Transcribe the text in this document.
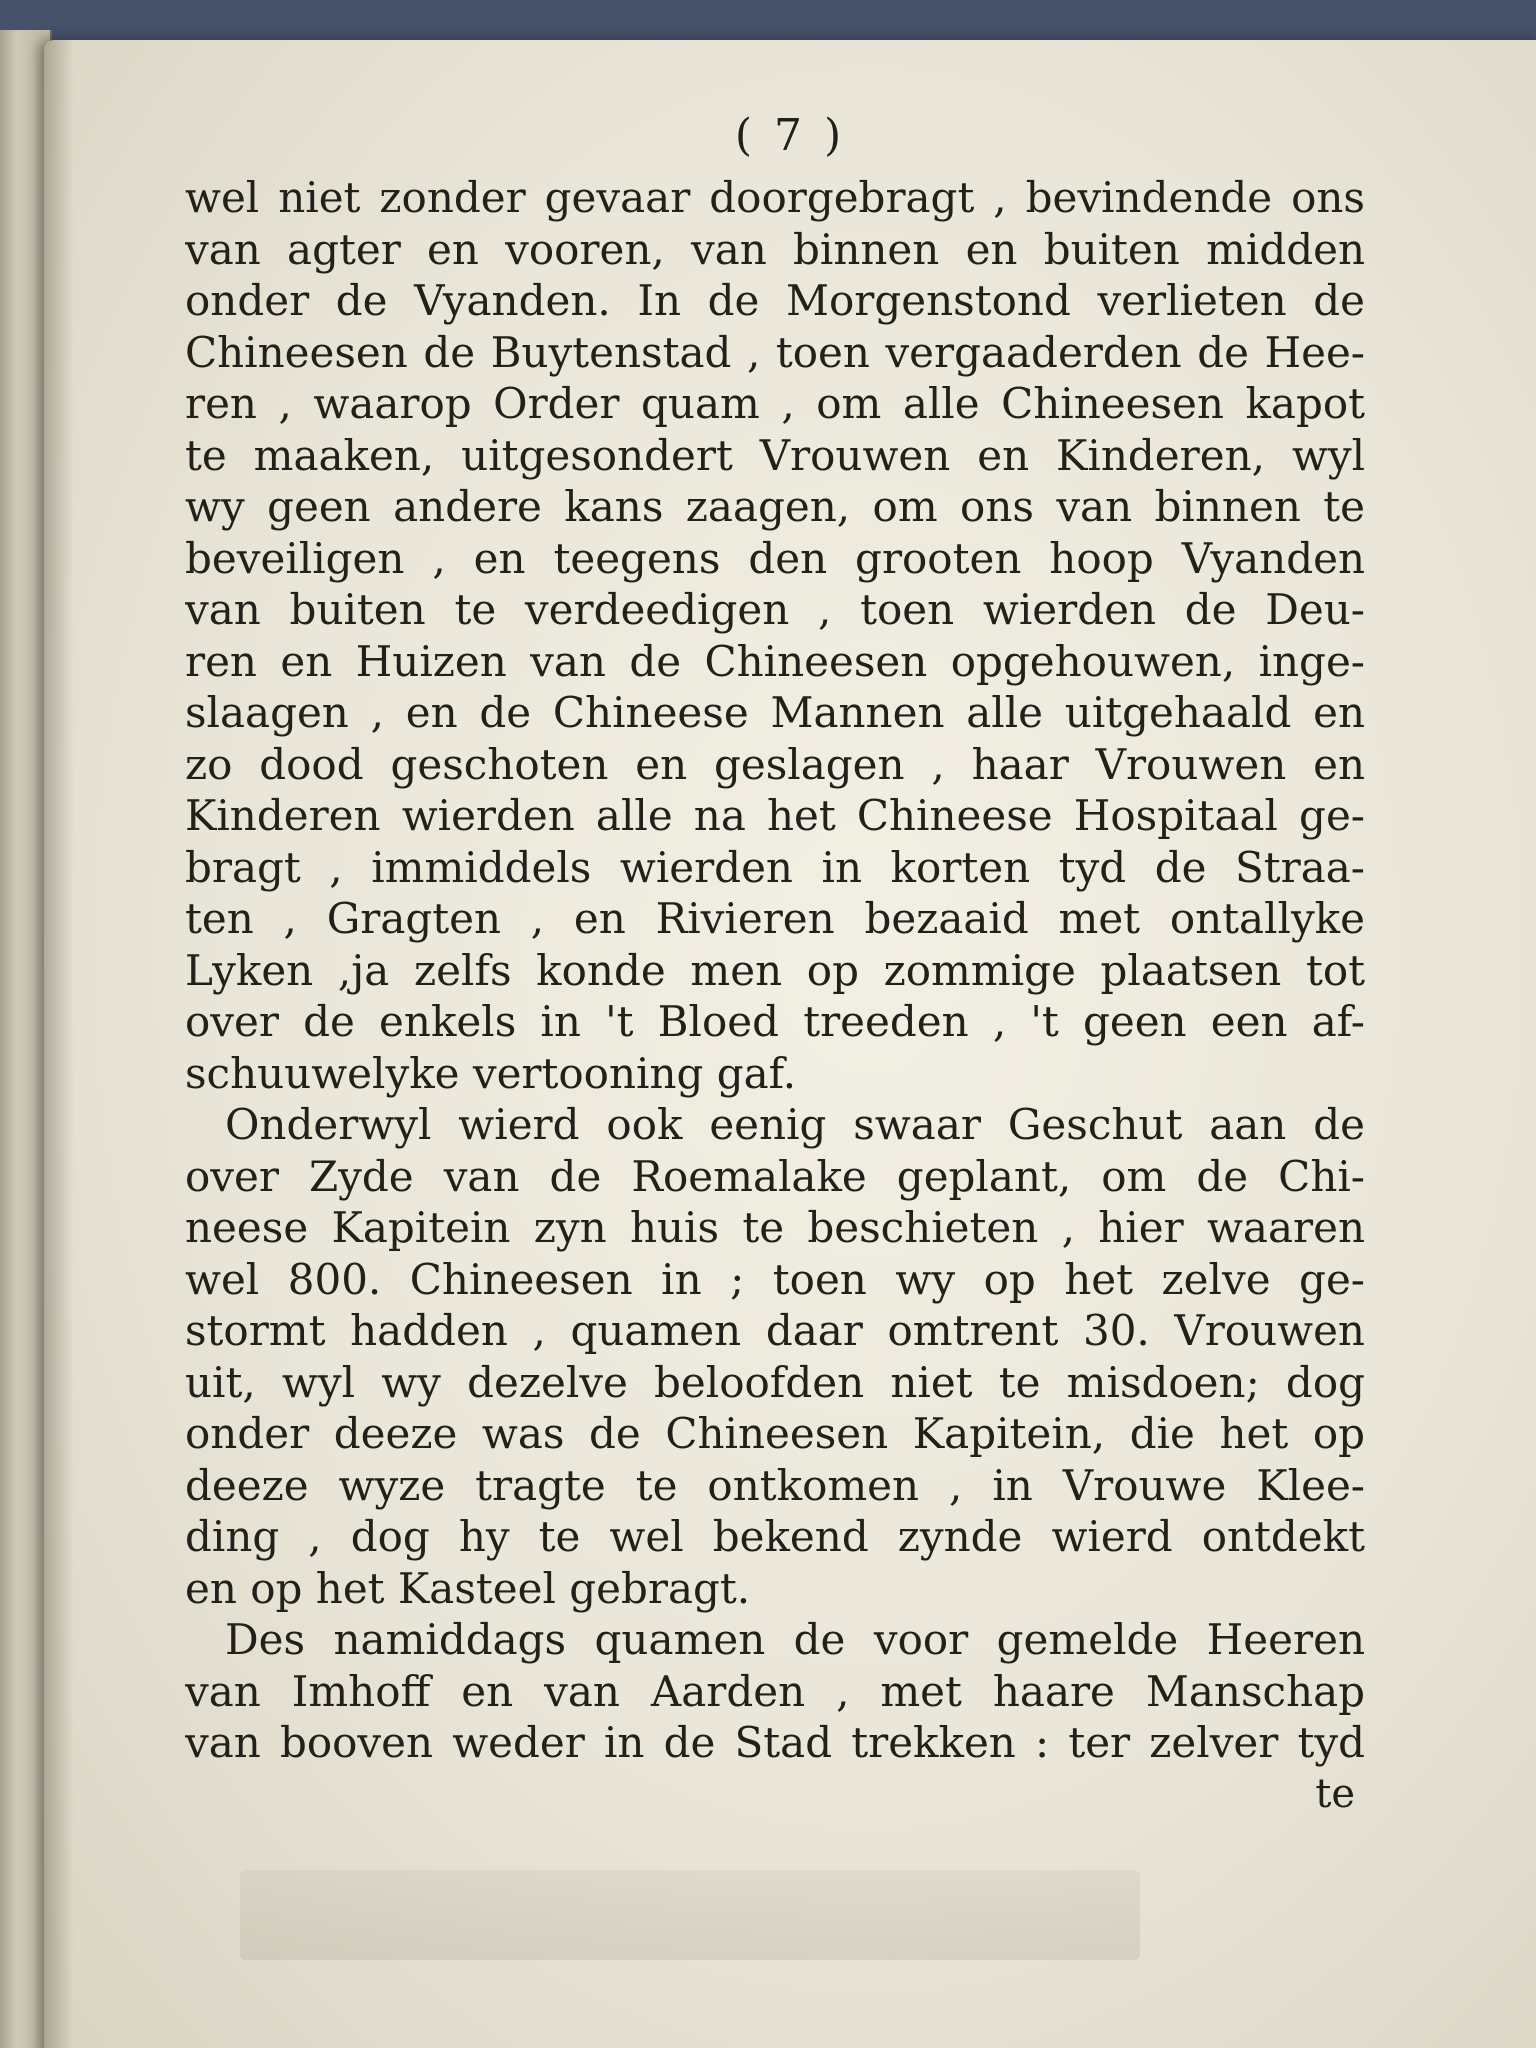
( 7 )
wel niet zonder gevaar doorgebragt , bevindende ons
van agter en vooren, van binnen en buiten midden
onder de Vyanden. In de Morgenstond verlieten de
Chineesen de Buytenstad , toen vergaaderden de Hee-
ren , waarop Order quam , om alle Chineesen kapot
te maaken, uitgesondert Vrouwen en Kinderen, wyl
wy geen andere kans zaagen, om ons van binnen te
beveiligen , en teegens den grooten hoop Vyanden
van buiten te verdeedigen , toen wierden de Deu-
ren en Huizen van de Chineesen opgehouwen, inge-
slaagen , en de Chineese Mannen alle uitgehaald en
zo dood geschoten en geslagen , haar Vrouwen en
Kinderen wierden alle na het Chineese Hospitaal ge-
bragt , immiddels wierden in korten tyd de Straa-
ten , Gragten , en Rivieren bezaaid met ontallyke
Lyken ,ja zelfs konde men op zommige plaatsen tot
over de enkels in 't Bloed treeden , 't geen een af-
schuuwelyke vertooning gaf.
Onderwyl wierd ook eenig swaar Geschut aan de
over Zyde van de Roemalake geplant, om de Chi-
neese Kapitein zyn huis te beschieten , hier waaren
wel 800. Chineesen in ; toen wy op het zelve ge-
stormt hadden , quamen daar omtrent 30. Vrouwen
uit, wyl wy dezelve beloofden niet te misdoen; dog
onder deeze was de Chineesen Kapitein, die het op
deeze wyze tragte te ontkomen , in Vrouwe Klee-
ding , dog hy te wel bekend zynde wierd ontdekt
en op het Kasteel gebragt.
Des namiddags quamen de voor gemelde Heeren
van Imhoff en van Aarden , met haare Manschap
van booven weder in de Stad trekken : ter zelver tyd
te
